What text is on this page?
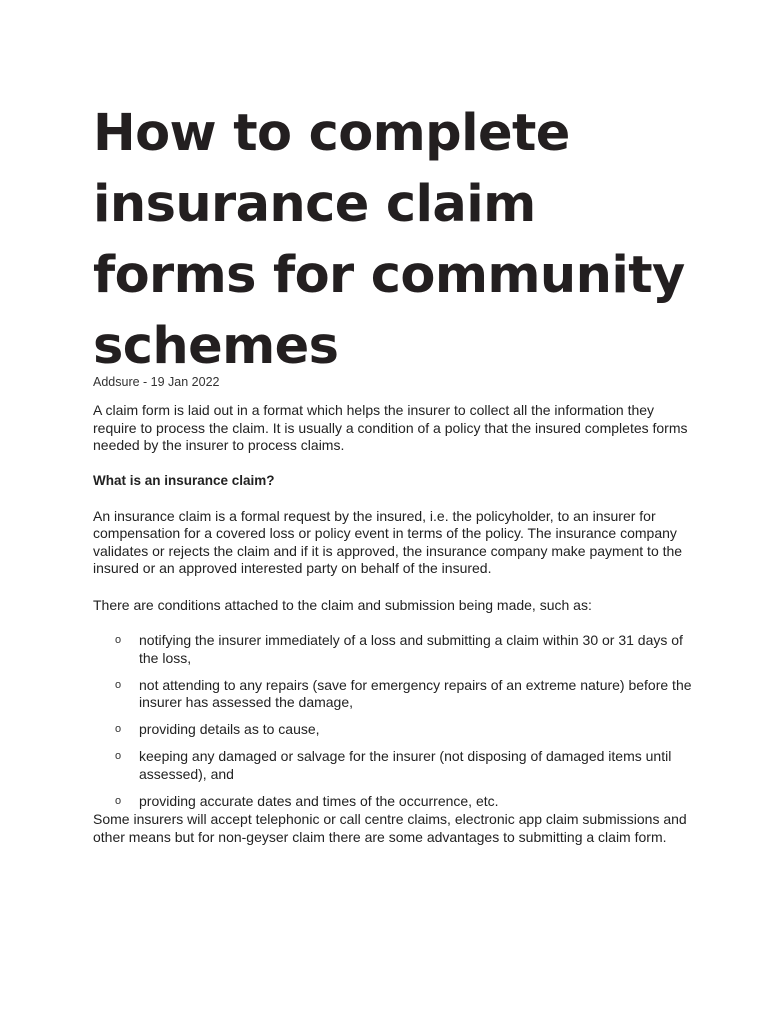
How to complete insurance claim forms for community schemes

Addsure - 19 Jan 2022

A claim form is laid out in a format which helps the insurer to collect all the information they require to process the claim. It is usually a condition of a policy that the insured completes forms needed by the insurer to process claims.

What is an insurance claim?

An insurance claim is a formal request by the insured, i.e. the policyholder, to an insurer for compensation for a covered loss or policy event in terms of the policy. The insurance company validates or rejects the claim and if it is approved, the insurance company make payment to the insured or an approved interested party on behalf of the insured.

There are conditions attached to the claim and submission being made, such as:

o notifying the insurer immediately of a loss and submitting a claim within 30 or 31 days of the loss,
o not attending to any repairs (save for emergency repairs of an extreme nature) before the insurer has assessed the damage,
o providing details as to cause,
o keeping any damaged or salvage for the insurer (not disposing of damaged items until assessed), and
o providing accurate dates and times of the occurrence, etc.

Some insurers will accept telephonic or call centre claims, electronic app claim submissions and other means but for non-geyser claim there are some advantages to submitting a claim form.
